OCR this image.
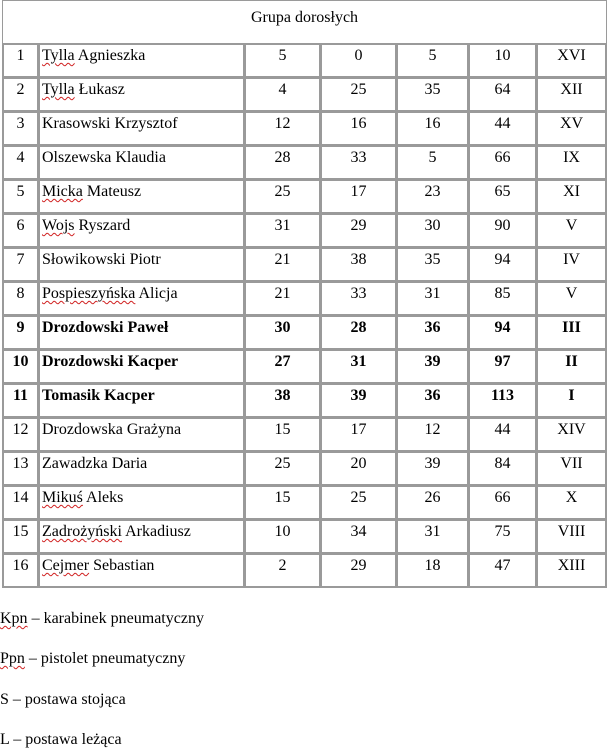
Grupa dorosłych						

1	Tylla Agnieszka	5	0	5	10	XVI

2	Tylla Łukasz	4	25	35	64	XII

3	Krasowski Krzysztof	12	16	16	44	XV

4	Olszewska Klaudia	28	33	5	66	IX

5	Micka Mateusz	25	17	23	65	XI

6	Wojs Ryszard	31	29	30	90	V

7	Słowikowski Piotr	21	38	35	94	IV

8	Pospieszyńska Alicja	21	33	31	85	V

9	Drozdowski Paweł	30	28	36	94	III

10	Drozdowski Kacper	27	31	39	97	II

11	Tomasik Kacper	38	39	36	113	I

12	Drozdowska Grażyna	15	17	12	44	XIV

13	Zawadzka Daria	25	20	39	84	VII

14	Mikuś Aleks	15	25	26	66	X

15	Zadrożyński Arkadiusz	10	34	31	75	VIII

16	Cejmer Sebastian	2	29	18	47	XIII
Kpn – karabinek pneumatyczny
Ppn – pistolet pneumatyczny
S – postawa stojąca
L – postawa leżąca
